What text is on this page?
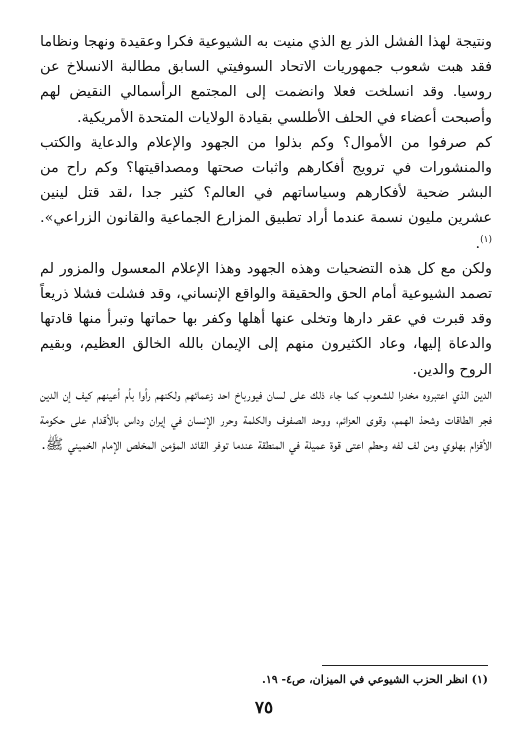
ونتيجة لهذا الفشل الذر يع الذي منيت به الشيوعية فكرا وعقيدة ونهجا ونظاما فقد هبت شعوب جمهوريات الاتحاد السوفيتي السابق مطالبة الانسلاخ عن روسيا. وقد انسلخت فعلا وانضمت إلى المجتمع الرأسمالي النقيض لهم وأصبحت أعضاء في الحلف الأطلسي بقيادة الولايات المتحدة الأمريكية.

كم صرفوا من الأموال؟ وكم بذلوا من الجهود والإعلام والدعاية والكتب والمنشورات في ترويج أفكارهم واثبات صحتها ومصداقيتها؟ وكم راح من البشر ضحية لأفكارهم وسياساتهم في العالم؟ كثير جدا ،لقد قتل لينين عشرين مليون نسمة عندما أراد تطبيق المزارع الجماعية والقانون الزراعي». $^{(١)}$.

ولكن مع كل هذه التضحيات وهذه الجهود وهذا الإعلام المعسول والمزور لم تصمد الشيوعية أمام الحق والحقيقة والواقع الإنساني، وقد فشلت فشلا ذريعاً وقد قبرت في عقر دارها وتخلى عنها أهلها وكفر بها حماتها وتبرأ منها قادتها والدعاة إليها، وعاد الكثيرون منهم إلى الإيمان بالله الخالق العظيم، وبقيم الروح والدين.

الدين الذي اعتبروه مخدرا للشعوب كما جاء ذلك على لسان فيورباخ احد زعمائهم ولكنهم رأوا بأم أعينهم كيف إن الدين فجر الطاقات وشحذ الهمم، وقوى العزائم، ووحد الصفوف والكلمة وحرر الإنسان في إيران وداس بالأقدام على حكومة الأقزام بهلوي ومن لف لفه وحطم اعتى قوة عميلة في المنطقة عندما توفر القائد المؤمن المخلص الإمام الخميني ﷺ.

(١) انظر الحزب الشيوعي في الميزان، ص٤- ١٩.
٧٥
